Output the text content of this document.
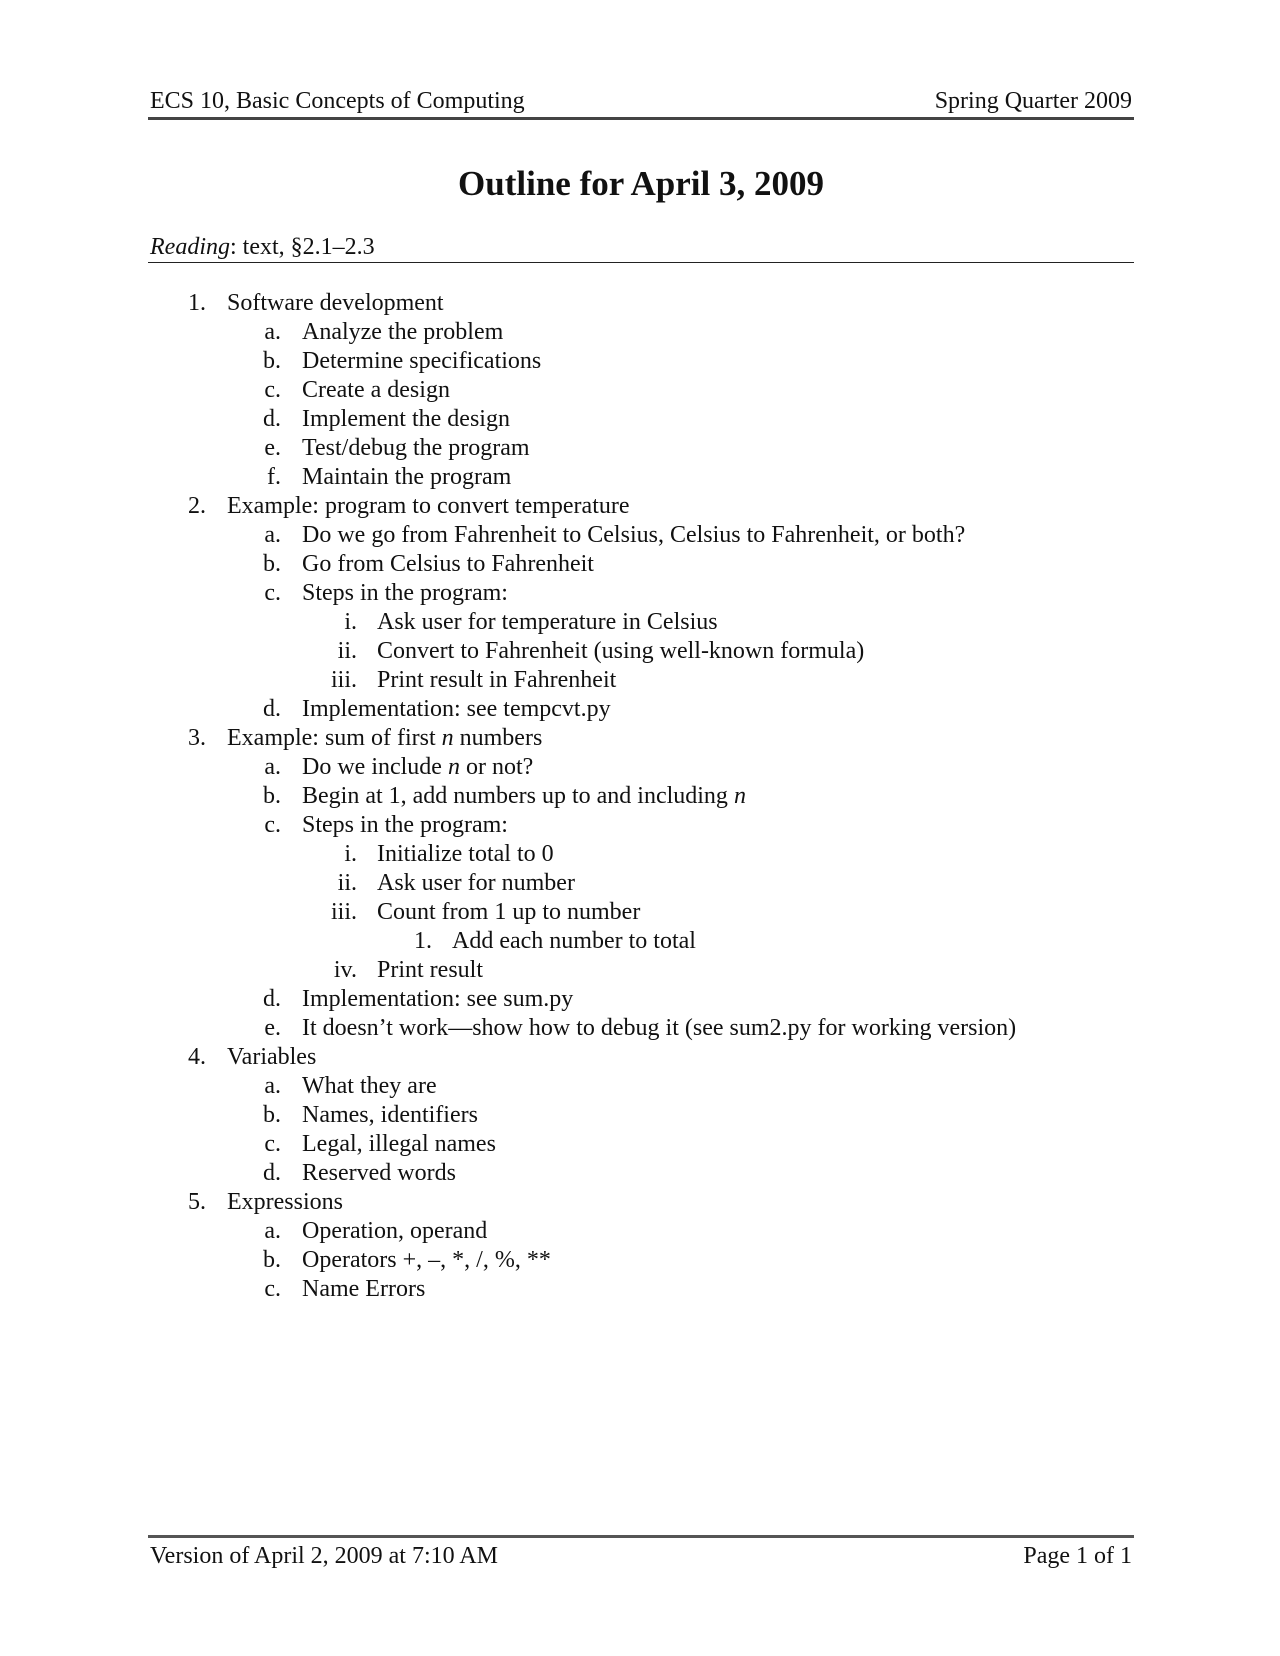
ECS 10, Basic Concepts of Computing	Spring Quarter 2009
Outline for April 3, 2009
Reading: text, §2.1–2.3
1. Software development
a. Analyze the problem
b. Determine specifications
c. Create a design
d. Implement the design
e. Test/debug the program
f. Maintain the program
2. Example: program to convert temperature
a. Do we go from Fahrenheit to Celsius, Celsius to Fahrenheit, or both?
b. Go from Celsius to Fahrenheit
c. Steps in the program:
i. Ask user for temperature in Celsius
ii. Convert to Fahrenheit (using well-known formula)
iii. Print result in Fahrenheit
d. Implementation: see tempcvt.py
3. Example: sum of first n numbers
a. Do we include n or not?
b. Begin at 1, add numbers up to and including n
c. Steps in the program:
i. Initialize total to 0
ii. Ask user for number
iii. Count from 1 up to number
1. Add each number to total
iv. Print result
d. Implementation: see sum.py
e. It doesn’t work—show how to debug it (see sum2.py for working version)
4. Variables
a. What they are
b. Names, identifiers
c. Legal, illegal names
d. Reserved words
5. Expressions
a. Operation, operand
b. Operators +, –, *, /, %, **
c. Name Errors
Version of April 2, 2009 at 7:10 AM	Page 1 of 1
